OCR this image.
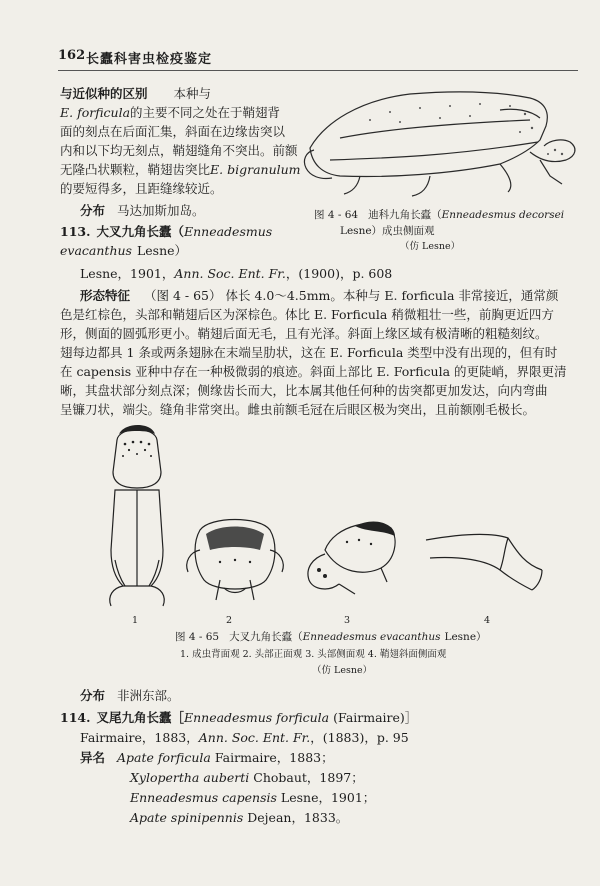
162 长蠹科害虫检疫鉴定
与近似种的区别 本种与
E. forficula的主要不同之处在于鞘翅背
面的刻点在后面汇集，斜面在边缘齿突以
内和以下均无刻点，鞘翅缝角不突出。前额
无隆凸状颗粒，鞘翅齿突比E. bigranulum
的要短得多，且距缝缘较近。
分布 马达加斯加岛。	图 4 - 64 迪科九角长蠹（Enneadesmus decorsei
Lesne）成虫侧面观
（仿 Lesne）
113. 大叉九角长蠹（Enneadesmus
evacanthus Lesne）
Lesne，1901，Ann. Soc. Ent. Fr.，(1900)，p. 608
形态特征 （图 4 - 65） 体长 4.0～4.5mm。本种与 E. forficula 非常接近，通常颜
色是红棕色，头部和鞘翅后区为深棕色。体比 E. Forficula 稍微粗壮一些，前胸更近四方
形，侧面的圆弧形更小。鞘翅后面无毛，且有光泽。斜面上缘区域有极清晰的粗糙刻纹。
翅每边都具 1 条或两条翅脉在末端呈肋状，这在 E. Forficula 类型中没有出现的，但有时
在 capensis 亚种中存在一种极微弱的痕迹。斜面上部比 E. Forficula 的更陡峭，界限更清
晰，其盘状部分刻点深；侧缘齿长而大，比本属其他任何种的齿突都更加发达，向内弯曲
呈镰刀状，端尖。缝角非常突出。雌虫前额毛冠在后眼区极为突出，且前额刚毛极长。
1	2	3	4
图 4 - 65 大叉九角长蠹（Enneadesmus evacanthus Lesne）
1. 成虫背面观 2. 头部正面观 3. 头部侧面观 4. 鞘翅斜面侧面观
（仿 Lesne）
分布 非洲东部。
114. 叉尾九角长蠹［Enneadesmus forficula (Fairmaire)］
Fairmaire，1883，Ann. Soc. Ent. Fr.，(1883)，p. 95
异名 Apate forficula Fairmaire，1883；
Xylopertha auberti Chobaut，1897；
Enneadesmus capensis Lesne，1901；
Apate spinipennis Dejean，1833。
